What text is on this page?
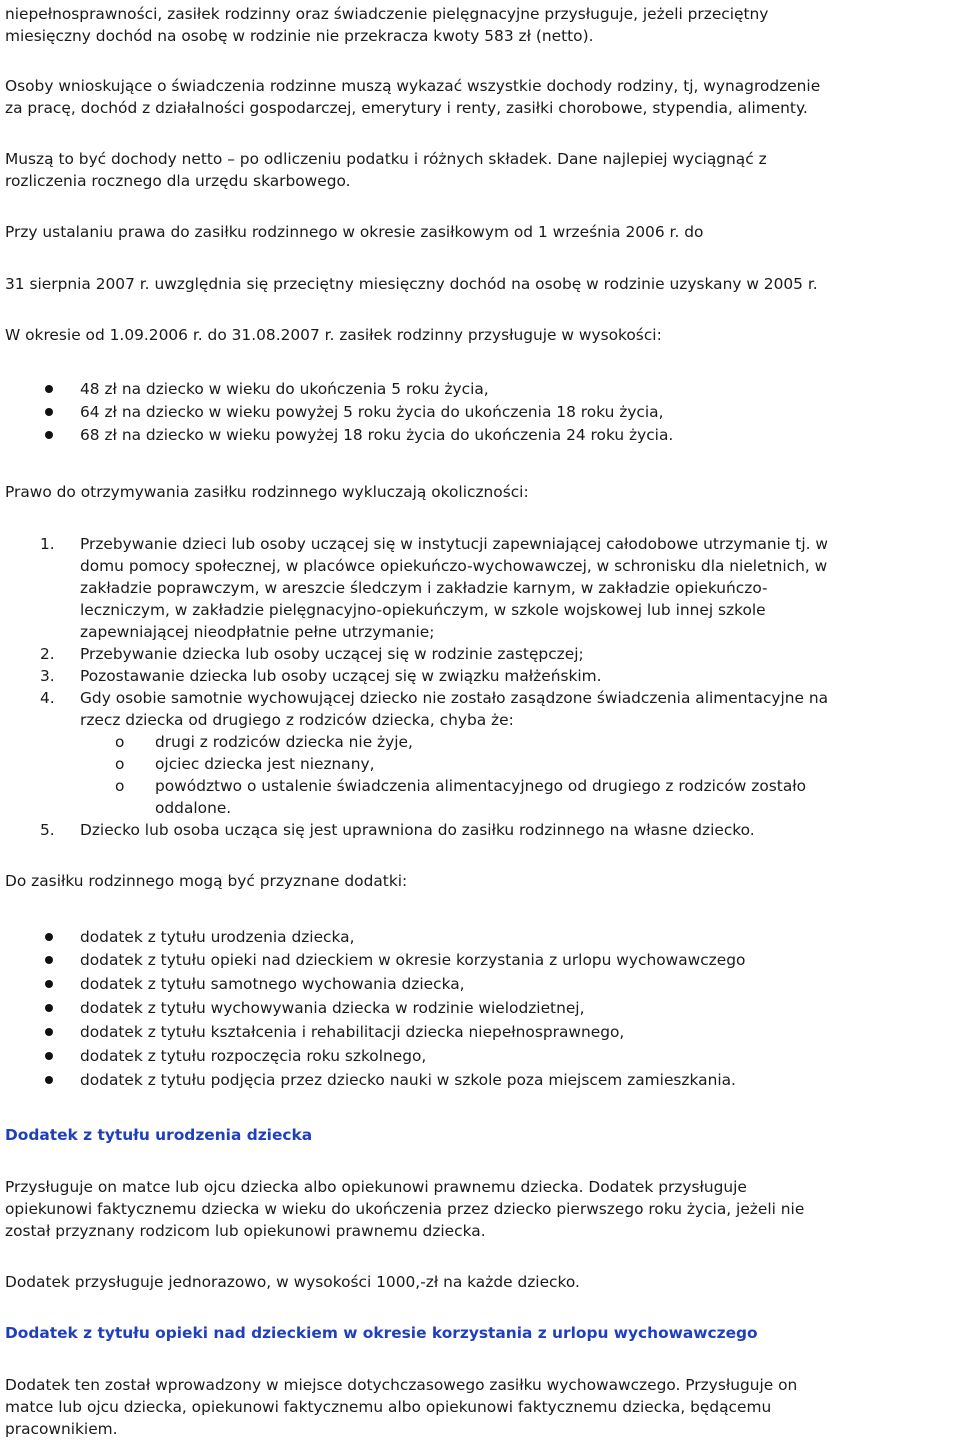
niepełnosprawności, zasiłek rodzinny oraz świadczenie pielęgnacyjne przysługuje, jeżeli przeciętny
miesięczny dochód na osobę w rodzinie nie przekracza kwoty 583 zł (netto).
Osoby wnioskujące o świadczenia rodzinne muszą wykazać wszystkie dochody rodziny, tj, wynagrodzenie
za pracę, dochód z działalności gospodarczej, emerytury i renty, zasiłki chorobowe, stypendia, alimenty.
Muszą to być dochody netto – po odliczeniu podatku i różnych składek. Dane najlepiej wyciągnąć z
rozliczenia rocznego dla urzędu skarbowego.
Przy ustalaniu prawa do zasiłku rodzinnego w okresie zasiłkowym od 1 września 2006 r. do
31 sierpnia 2007 r. uwzględnia się przeciętny miesięczny dochód na osobę w rodzinie uzyskany w 2005 r.
W okresie od 1.09.2006 r. do 31.08.2007 r. zasiłek rodzinny przysługuje w wysokości:
48 zł na dziecko w wieku do ukończenia 5 roku życia,
64 zł na dziecko w wieku powyżej 5 roku życia do ukończenia 18 roku życia,
68 zł na dziecko w wieku powyżej 18 roku życia do ukończenia 24 roku życia.
Prawo do otrzymywania zasiłku rodzinnego wykluczają okoliczności:
1. Przebywanie dzieci lub osoby uczącej się w instytucji zapewniającej całodobowe utrzymanie tj. w
domu pomocy społecznej, w placówce opiekuńczo-wychowawczej, w schronisku dla nieletnich, w
zakładzie poprawczym, w areszcie śledczym i zakładzie karnym, w zakładzie opiekuńczo-
leczniczym, w zakładzie pielęgnacyjno-opiekuńczym, w szkole wojskowej lub innej szkole
zapewniającej nieodpłatnie pełne utrzymanie;
2. Przebywanie dziecka lub osoby uczącej się w rodzinie zastępczej;
3. Pozostawanie dziecka lub osoby uczącej się w związku małżeńskim.
4. Gdy osobie samotnie wychowującej dziecko nie zostało zasądzone świadczenia alimentacyjne na
rzecz dziecka od drugiego z rodziców dziecka, chyba że:
o drugi z rodziców dziecka nie żyje,
o ojciec dziecka jest nieznany,
o powództwo o ustalenie świadczenia alimentacyjnego od drugiego z rodziców zostało
oddalone.
5. Dziecko lub osoba ucząca się jest uprawniona do zasiłku rodzinnego na własne dziecko.
Do zasiłku rodzinnego mogą być przyznane dodatki:
dodatek z tytułu urodzenia dziecka,
dodatek z tytułu opieki nad dzieckiem w okresie korzystania z urlopu wychowawczego
dodatek z tytułu samotnego wychowania dziecka,
dodatek z tytułu wychowywania dziecka w rodzinie wielodzietnej,
dodatek z tytułu kształcenia i rehabilitacji dziecka niepełnosprawnego,
dodatek z tytułu rozpoczęcia roku szkolnego,
dodatek z tytułu podjęcia przez dziecko nauki w szkole poza miejscem zamieszkania.
Dodatek z tytułu urodzenia dziecka
Przysługuje on matce lub ojcu dziecka albo opiekunowi prawnemu dziecka. Dodatek przysługuje
opiekunowi faktycznemu dziecka w wieku do ukończenia przez dziecko pierwszego roku życia, jeżeli nie
został przyznany rodzicom lub opiekunowi prawnemu dziecka.
Dodatek przysługuje jednorazowo, w wysokości 1000,-zł na każde dziecko.
Dodatek z tytułu opieki nad dzieckiem w okresie korzystania z urlopu wychowawczego
Dodatek ten został wprowadzony w miejsce dotychczasowego zasiłku wychowawczego. Przysługuje on
matce lub ojcu dziecka, opiekunowi faktycznemu albo opiekunowi faktycznemu dziecka, będącemu
pracownikiem.
